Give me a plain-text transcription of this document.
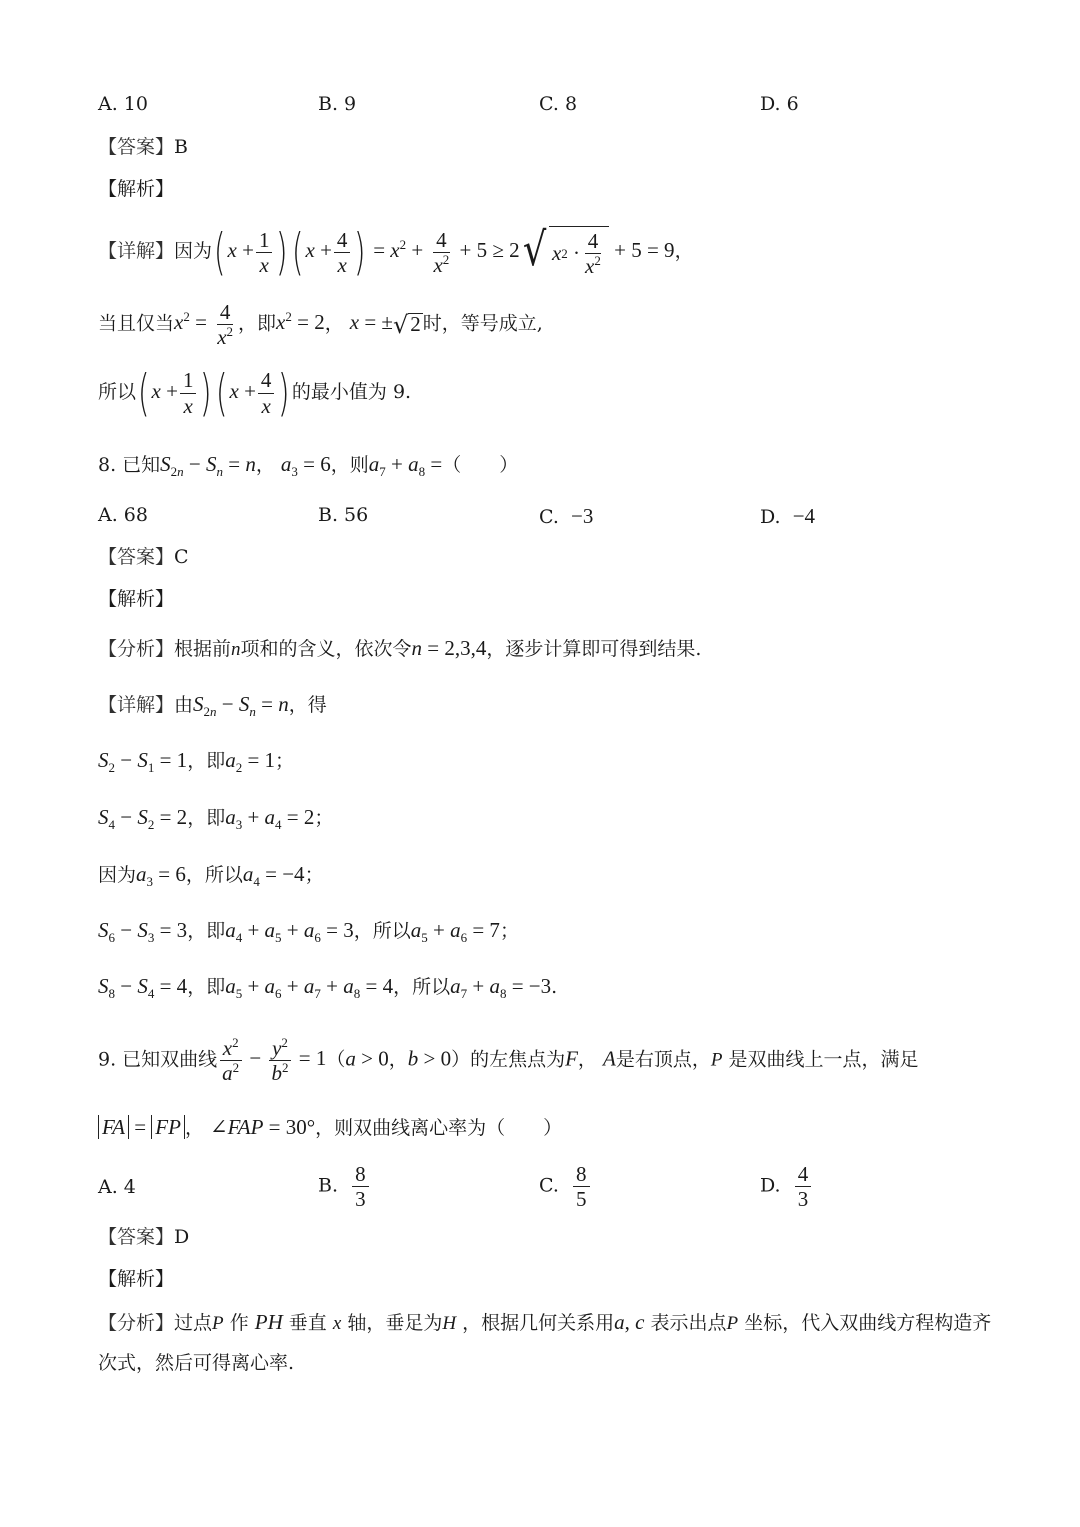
A. 10	B. 9	C. 8	D. 6
【答案】B
【解析】
【详解】因为$(x + \frac{1}{x} )(x + \frac{4}{x}$ ) = $x^2 + \frac{4}{x^2} + 5 \ge 2$ √ x $2 \cdot \frac{4}{x^2} + 5 = 9$，
当且仅当$x^2 = \frac{4}{x^2}$ ，即$x^2 = 2$， x = ± √ 2 时，等号成立,
所以$(x + \frac{1}{x} )(x + \frac{4}{x}$ ) 的最小值为 9.
8. 已知$S_{2n} - S_n = n$， $a_3 = 6$，则$a_7 + a_8$ =（　　）
A. 68	B. 56	C. −3	D. −4
【答案】C
【解析】
【分析】根据前n项和的含义，依次令n = 2,3,4，逐步计算即可得到结果.
【详解】由$S_{2n} - S_n = n$，得
$S_2 - S_1 = 1$，即$a_2 = 1$；
$S_4 - S_2 = 2$，即$a_3 + a_4 = 2$；
因为$a_3 = 6$，所以$a_4 = -4$；
$S_6 - S_3 = 3$，即$a_4 + a_5 + a_6 = 3$，所以$a_5 + a_6 = 7$；
$S_8 - S_4 = 4$，即$a_5 + a_6 + a_7 + a_8 = 4$，所以$a_7 + a_8 = -3$.
9. 已知双曲线 $\frac{x^2}{a^2} - \frac{y^2}{b^2} = 1(a > 0$，b > 0）的左焦点为F， A是右顶点，P 是双曲线上一点，满足
FA = FP ， ∠FAP = 30°，则双曲线离心率为（　　）
A. 4	B. $\frac{8}{3}$	C. $\frac{8}{5}$	D. $\frac{4}{3}$
【答案】D
【解析】
【分析】过点P 作 PH 垂直 x 轴，垂足为H ，根据几何关系用a, c 表示出点P 坐标，代入双曲线方程构造齐
次式，然后可得离心率.
